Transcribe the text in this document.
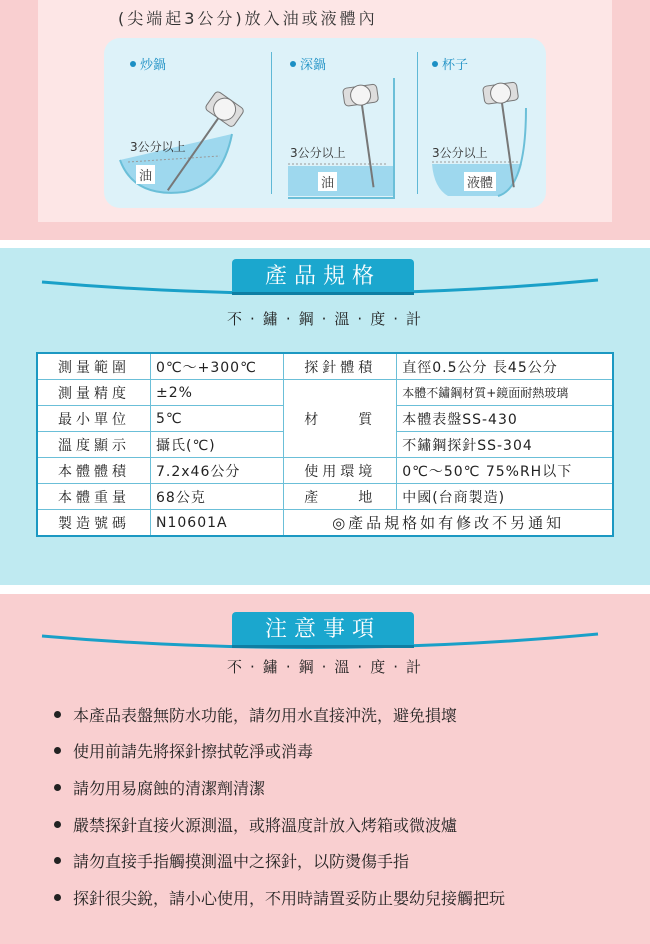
(尖端起3公分)放入油或液體內
炒鍋
3公分以上
油
深鍋
3公分以上
油
杯子
3公分以上
液體
產品規格
不 · 鏽 · 鋼 · 溫 · 度 · 計
測量範圍	0℃～+300℃	探針體積	直徑0.5公分 長45公分
測量精度	±2%	材　　質	本體不鏽鋼材質+鏡面耐熱玻璃
最小單位	5℃		本體表盤SS-430
溫度顯示	攝氏(℃)		不鏽鋼探針SS-304
本體體積	7.2x46公分	使用環境	0℃～50℃ 75%RH以下
本體重量	68公克	產　　地	中國(台商製造)
製造號碼	N10601A	◎產品規格如有修改不另通知	
注意事項
不 · 鏽 · 鋼 · 溫 · 度 · 計
本產品表盤無防水功能，請勿用水直接沖洗，避免損壞
使用前請先將探針擦拭乾淨或消毒
請勿用易腐蝕的清潔劑清潔
嚴禁探針直接火源測溫，或將溫度計放入烤箱或微波爐
請勿直接手指觸摸測溫中之探針，以防燙傷手指
探針很尖銳，請小心使用，不用時請置妥防止嬰幼兒接觸把玩
